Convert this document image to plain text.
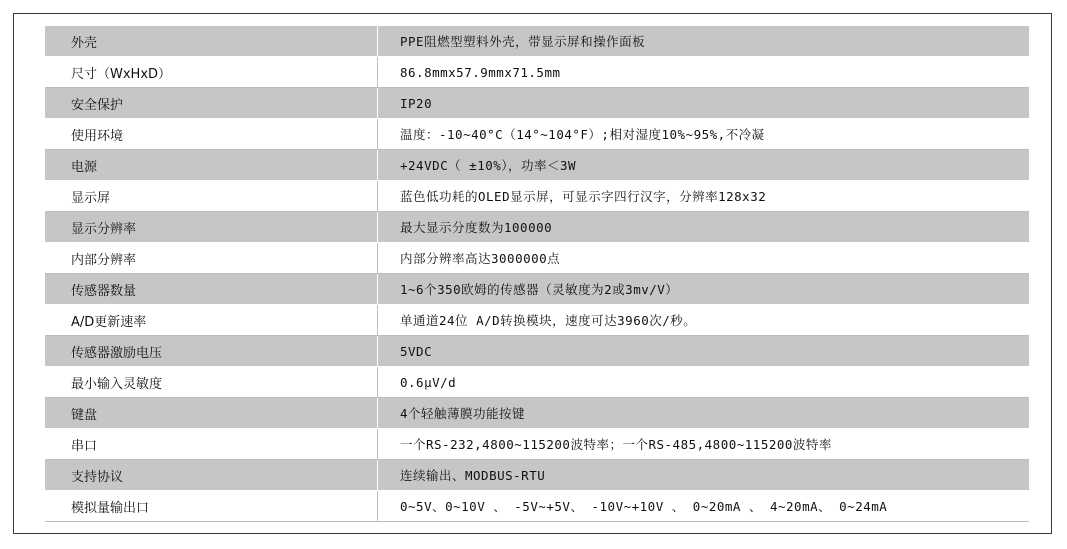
外壳	PPE阻燃型塑料外壳，带显示屏和操作面板
尺寸（WxHxD）	86.8mmx57.9mmx71.5mm
安全保护	IP20
使用环境	温度：-10~40°C（14°~104°F）;相对湿度10%~95%,不冷凝
电源	+24VDC（ ±10%），功率＜3W
显示屏	蓝色低功耗的OLED显示屏，可显示字四行汉字，分辨率128x32
显示分辨率	最大显示分度数为100000
内部分辨率	内部分辨率高达3000000点
传感器数量	1~6个350欧姆的传感器（灵敏度为2或3mv/V）
A/D更新速率	单通道24位 A/D转换模块，速度可达3960次/秒。
传感器激励电压	5VDC
最小输入灵敏度	0.6μV/d
键盘	4个轻触薄膜功能按键
串口	一个RS-232,4800~115200波特率；一个RS-485,4800~115200波特率
支持协议	连续输出、MODBUS-RTU
模拟量输出口	0~5V、0~10V 、 -5V~+5V、 -10V~+10V 、 0~20mA 、 4~20mA、 0~24mA
